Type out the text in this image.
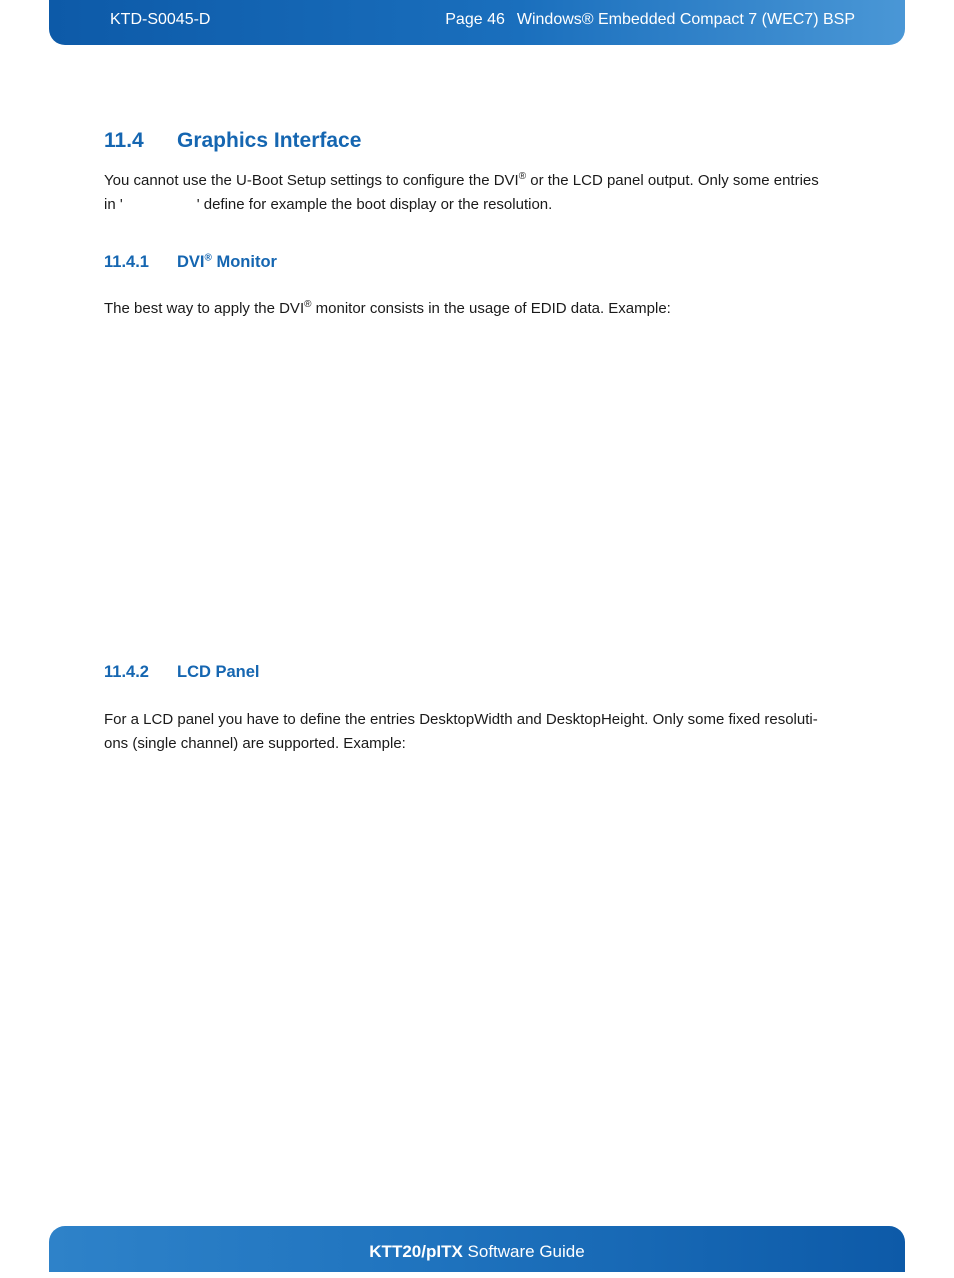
KTD-S0045-D	Page 46 Windows® Embedded Compact 7 (WEC7) BSP
11.4 Graphics Interface
You cannot use the U-Boot Setup settings to configure the DVI® or the LCD panel output. Only some entries
in '	' define for example the boot display or the resolution.
11.4.1 DVI® Monitor
The best way to apply the DVI® monitor consists in the usage of EDID data. Example:
11.4.2 LCD Panel
For a LCD panel you have to define the entries DesktopWidth and DesktopHeight. Only some fixed resoluti-
ons (single channel) are supported. Example:
KTT20/pITX Software Guide
